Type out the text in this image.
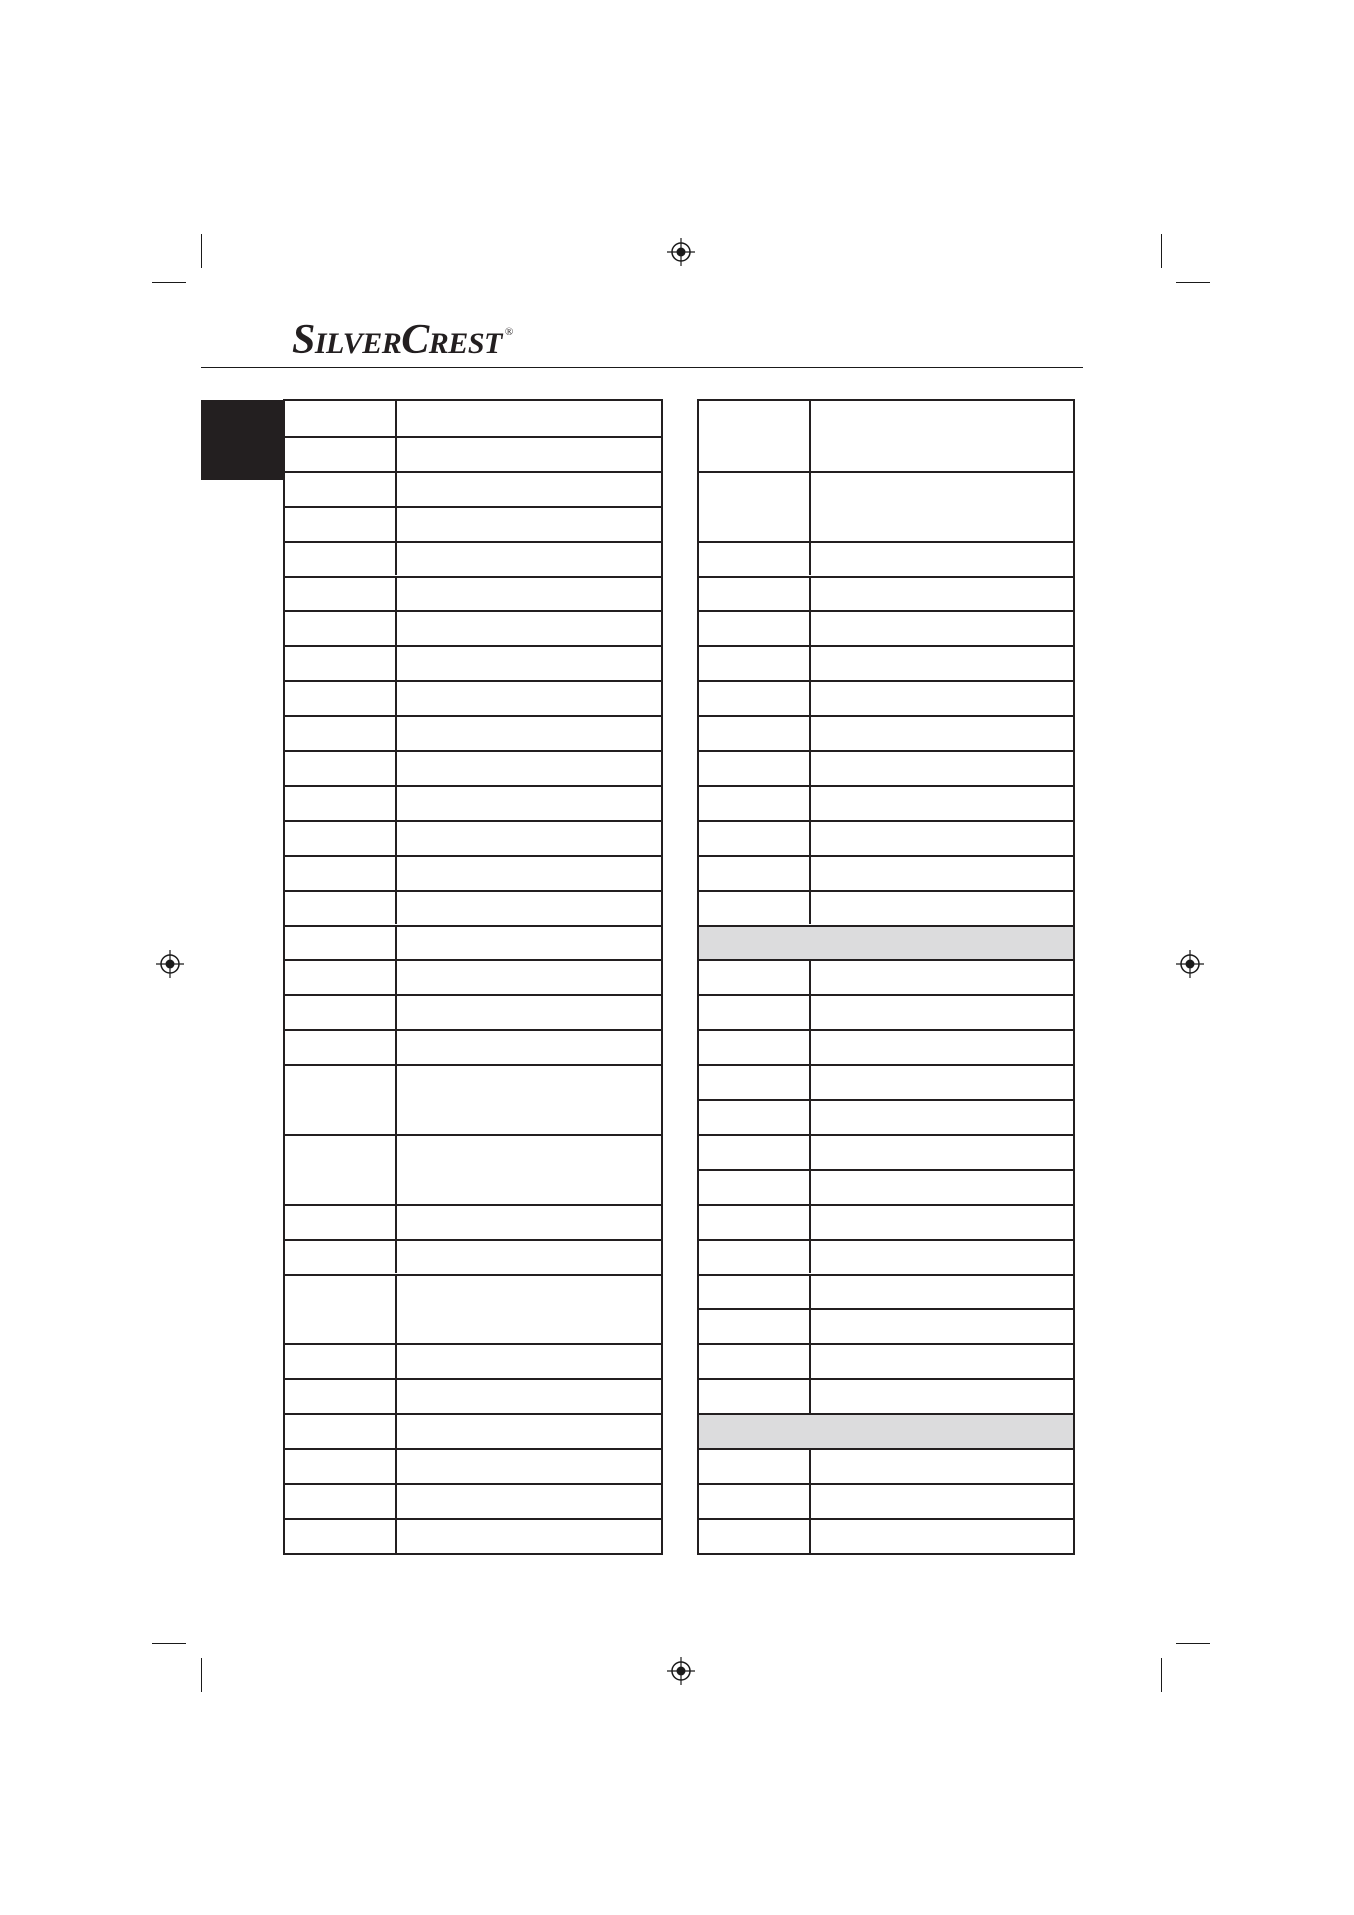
SILVERCREST ®
